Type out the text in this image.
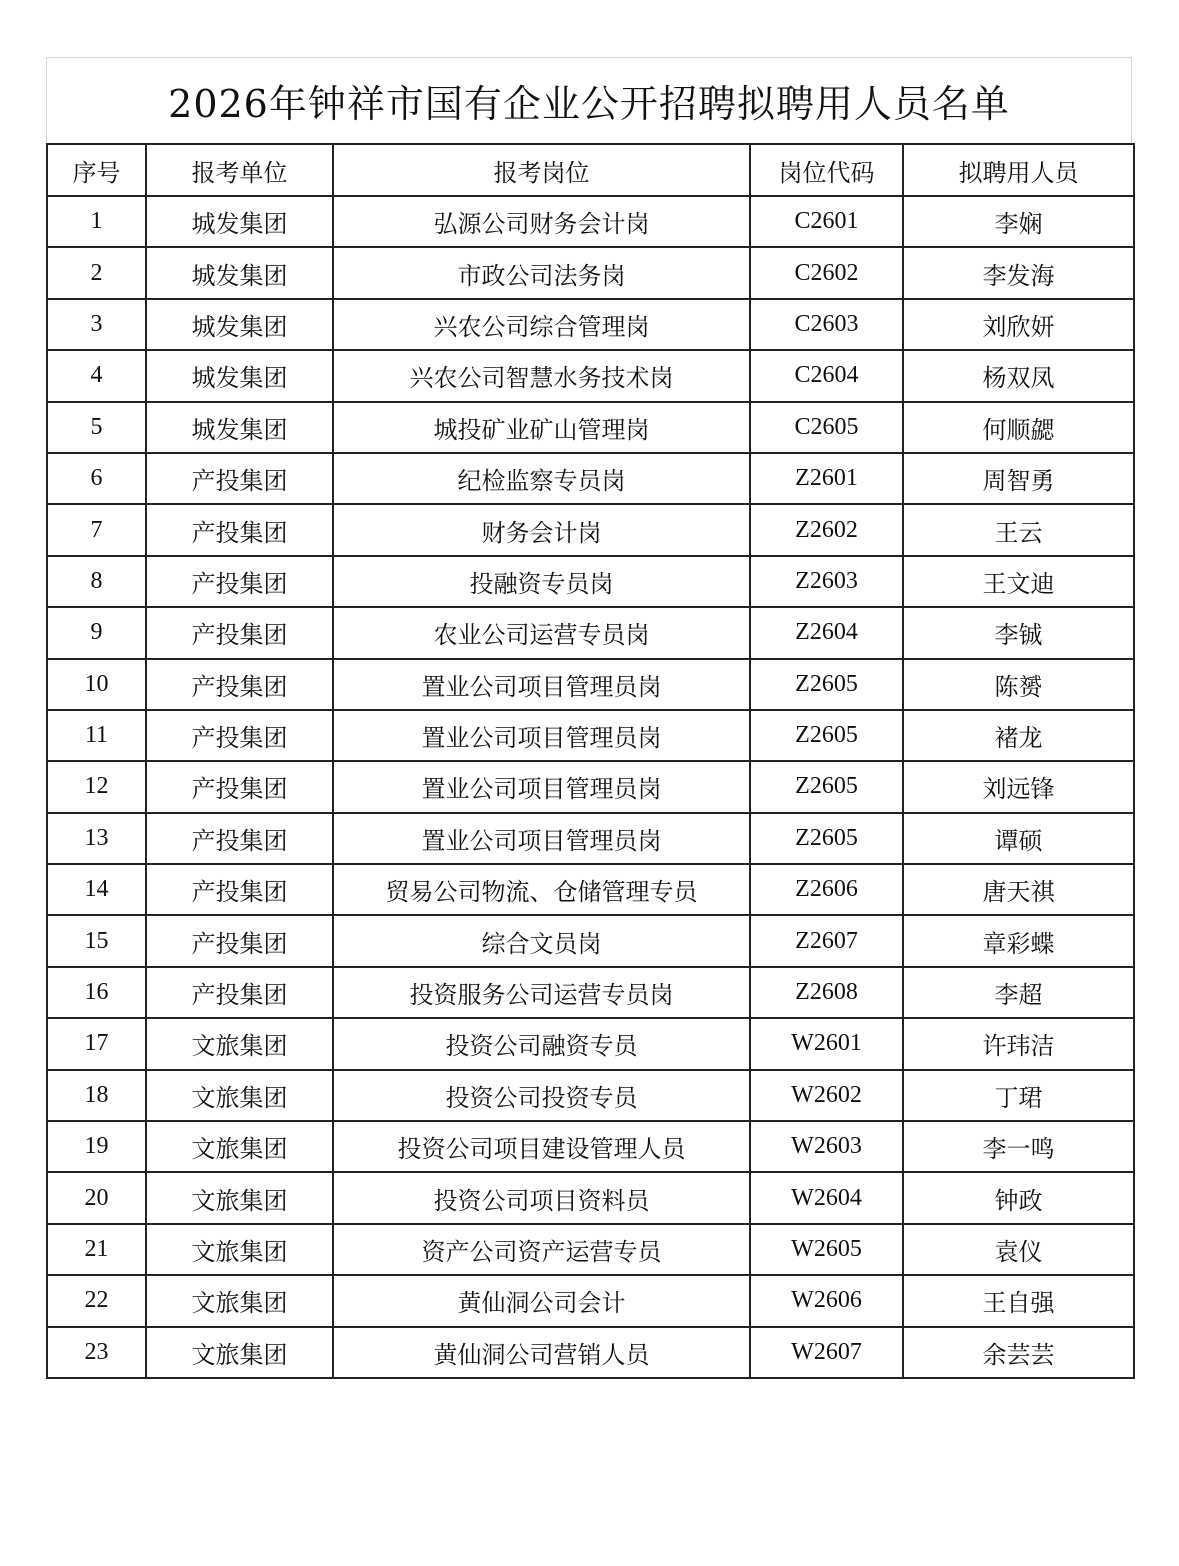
2026年钟祥市国有企业公开招聘拟聘用人员名单
序号	报考单位	报考岗位	岗位代码	拟聘用人员
1	城发集团	弘源公司财务会计岗	C2601	李娴
2	城发集团	市政公司法务岗	C2602	李发海
3	城发集团	兴农公司综合管理岗	C2603	刘欣妍
4	城发集团	兴农公司智慧水务技术岗	C2604	杨双凤
5	城发集团	城投矿业矿山管理岗	C2605	何顺勰
6	产投集团	纪检监察专员岗	Z2601	周智勇
7	产投集团	财务会计岗	Z2602	王云
8	产投集团	投融资专员岗	Z2603	王文迪
9	产投集团	农业公司运营专员岗	Z2604	李铖
10	产投集团	置业公司项目管理员岗	Z2605	陈赟
11	产投集团	置业公司项目管理员岗	Z2605	褚龙
12	产投集团	置业公司项目管理员岗	Z2605	刘远锋
13	产投集团	置业公司项目管理员岗	Z2605	谭硕
14	产投集团	贸易公司物流、仓储管理专员	Z2606	唐天祺
15	产投集团	综合文员岗	Z2607	章彩蝶
16	产投集团	投资服务公司运营专员岗	Z2608	李超
17	文旅集团	投资公司融资专员	W2601	许玮洁
18	文旅集团	投资公司投资专员	W2602	丁珺
19	文旅集团	投资公司项目建设管理人员	W2603	李一鸣
20	文旅集团	投资公司项目资料员	W2604	钟政
21	文旅集团	资产公司资产运营专员	W2605	袁仪
22	文旅集团	黄仙洞公司会计	W2606	王自强
23	文旅集团	黄仙洞公司营销人员	W2607	余芸芸
